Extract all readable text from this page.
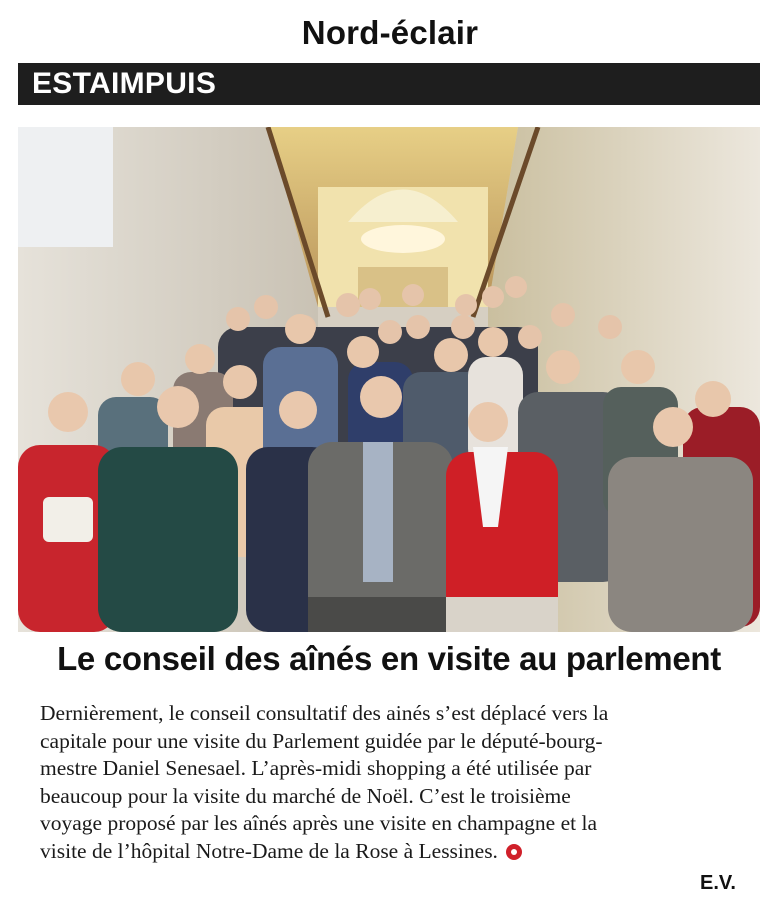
Nord-éclair
ESTAIMPUIS
Le conseil des aînés en visite au parlement
Dernièrement, le conseil consultatif des ainés s’est déplacé vers la
capitale pour une visite du Parlement guidée par le député-bourg-
mestre Daniel Senesael. L’après-midi shopping a été utilisée par
beaucoup pour la visite du marché de Noël. C’est le troisième
voyage proposé par les aînés après une visite en champagne et la
visite de l’hôpital Notre-Dame de la Rose à Lessines.
E.V.
